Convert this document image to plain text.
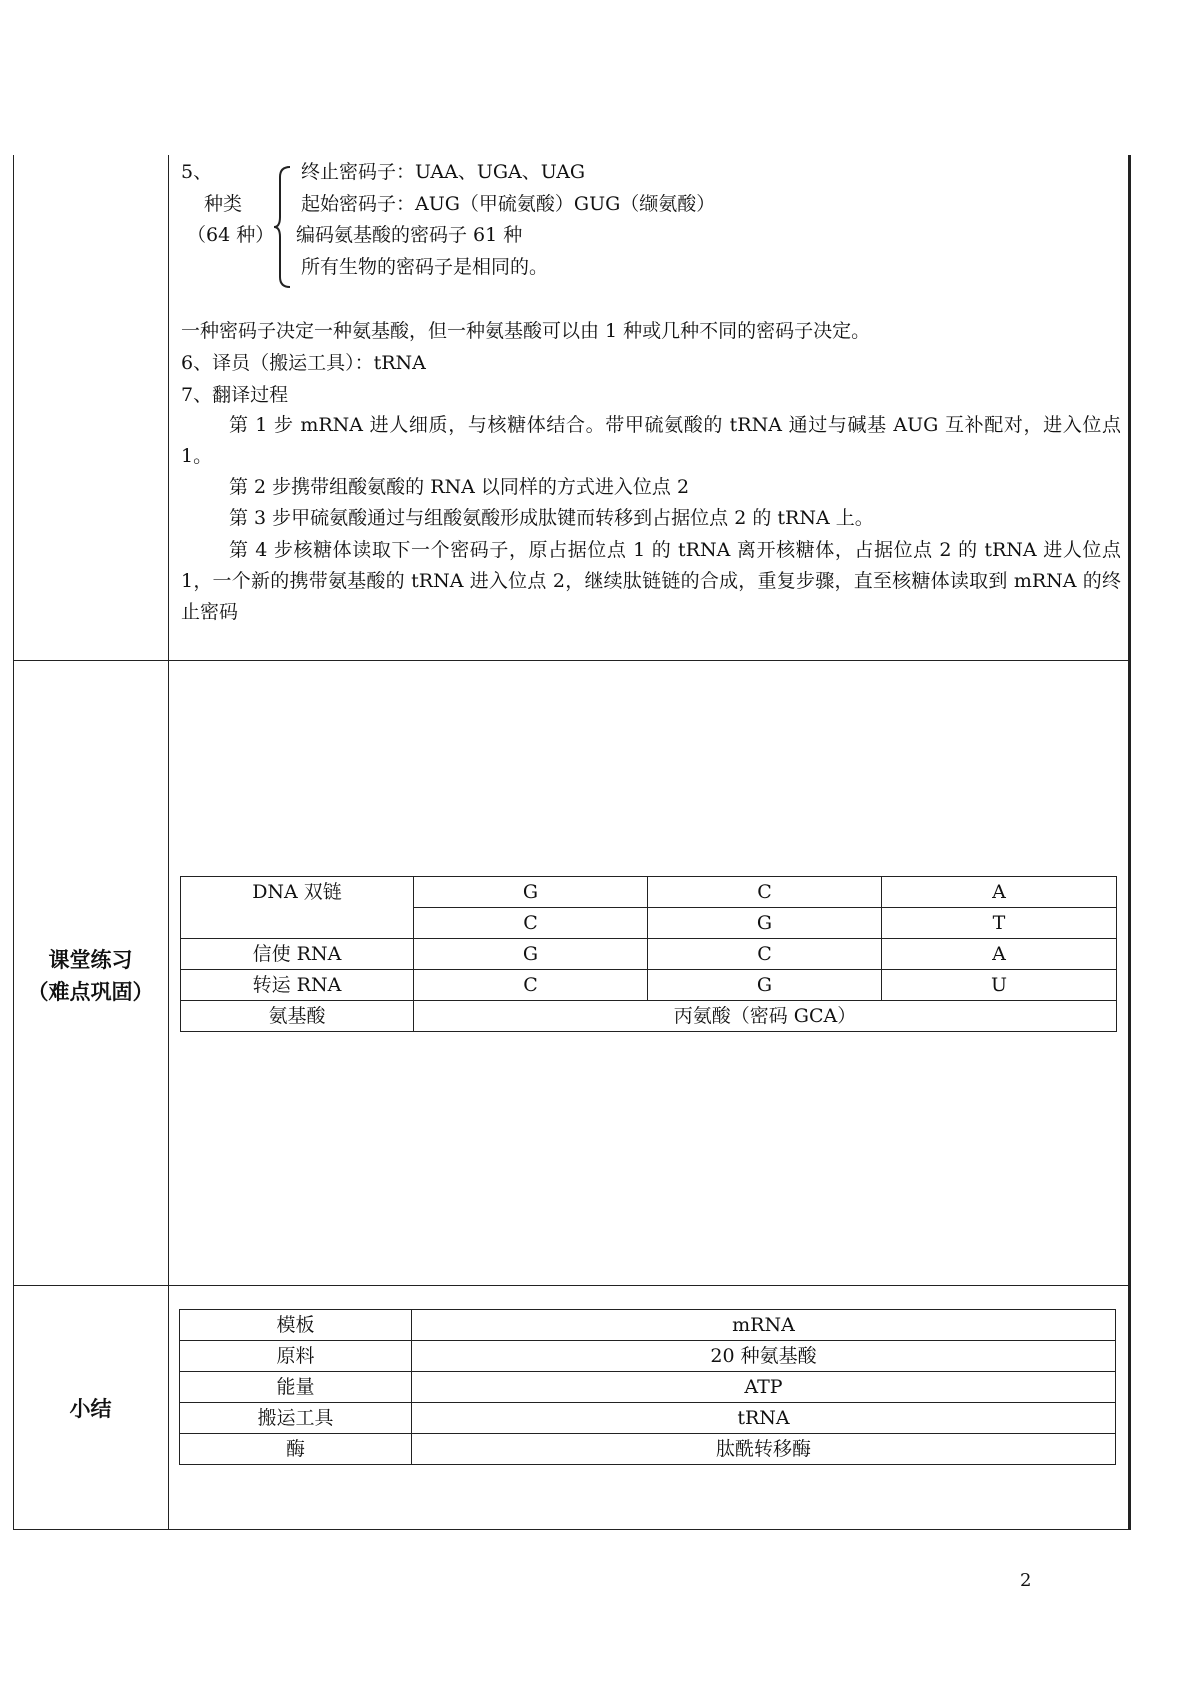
5、
种类
（64 种）
终止密码子：UAA、UGA、UAG
起始密码子：AUG（甲硫氨酸）GUG（缬氨酸）
编码氨基酸的密码子 61 种
所有生物的密码子是相同的。
一种密码子决定一种氨基酸，但一种氨基酸可以由 1 种或几种不同的密码子决定。
6、译员（搬运工具）：tRNA
7、翻译过程
第 1 步 mRNA 进人细质，与核糖体结合。带甲硫氨酸的 tRNA 通过与碱基 AUG 互补配对，进入位点 1。
第 2 步携带组酸氨酸的 RNA 以同样的方式进入位点 2
第 3 步甲硫氨酸通过与组酸氨酸形成肽键而转移到占据位点 2 的 tRNA 上。
第 4 步核糖体读取下一个密码子，原占据位点 1 的 tRNA 离开核糖体，占据位点 2 的 tRNA 进人位点 1，一个新的携带氨基酸的 tRNA 进入位点 2，继续肽链链的合成，重复步骤，直至核糖体读取到 mRNA 的终止密码
课堂练习
（难点巩固）
DNA 双链	G	C	A
	C	G	T
信使 RNA	G	C	A
转运 RNA	C	G	U
氨基酸	丙氨酸（密码 GCA）		
小结
模板	mRNA
原料	20 种氨基酸
能量	ATP
搬运工具	tRNA
酶	肽酰转移酶
2
